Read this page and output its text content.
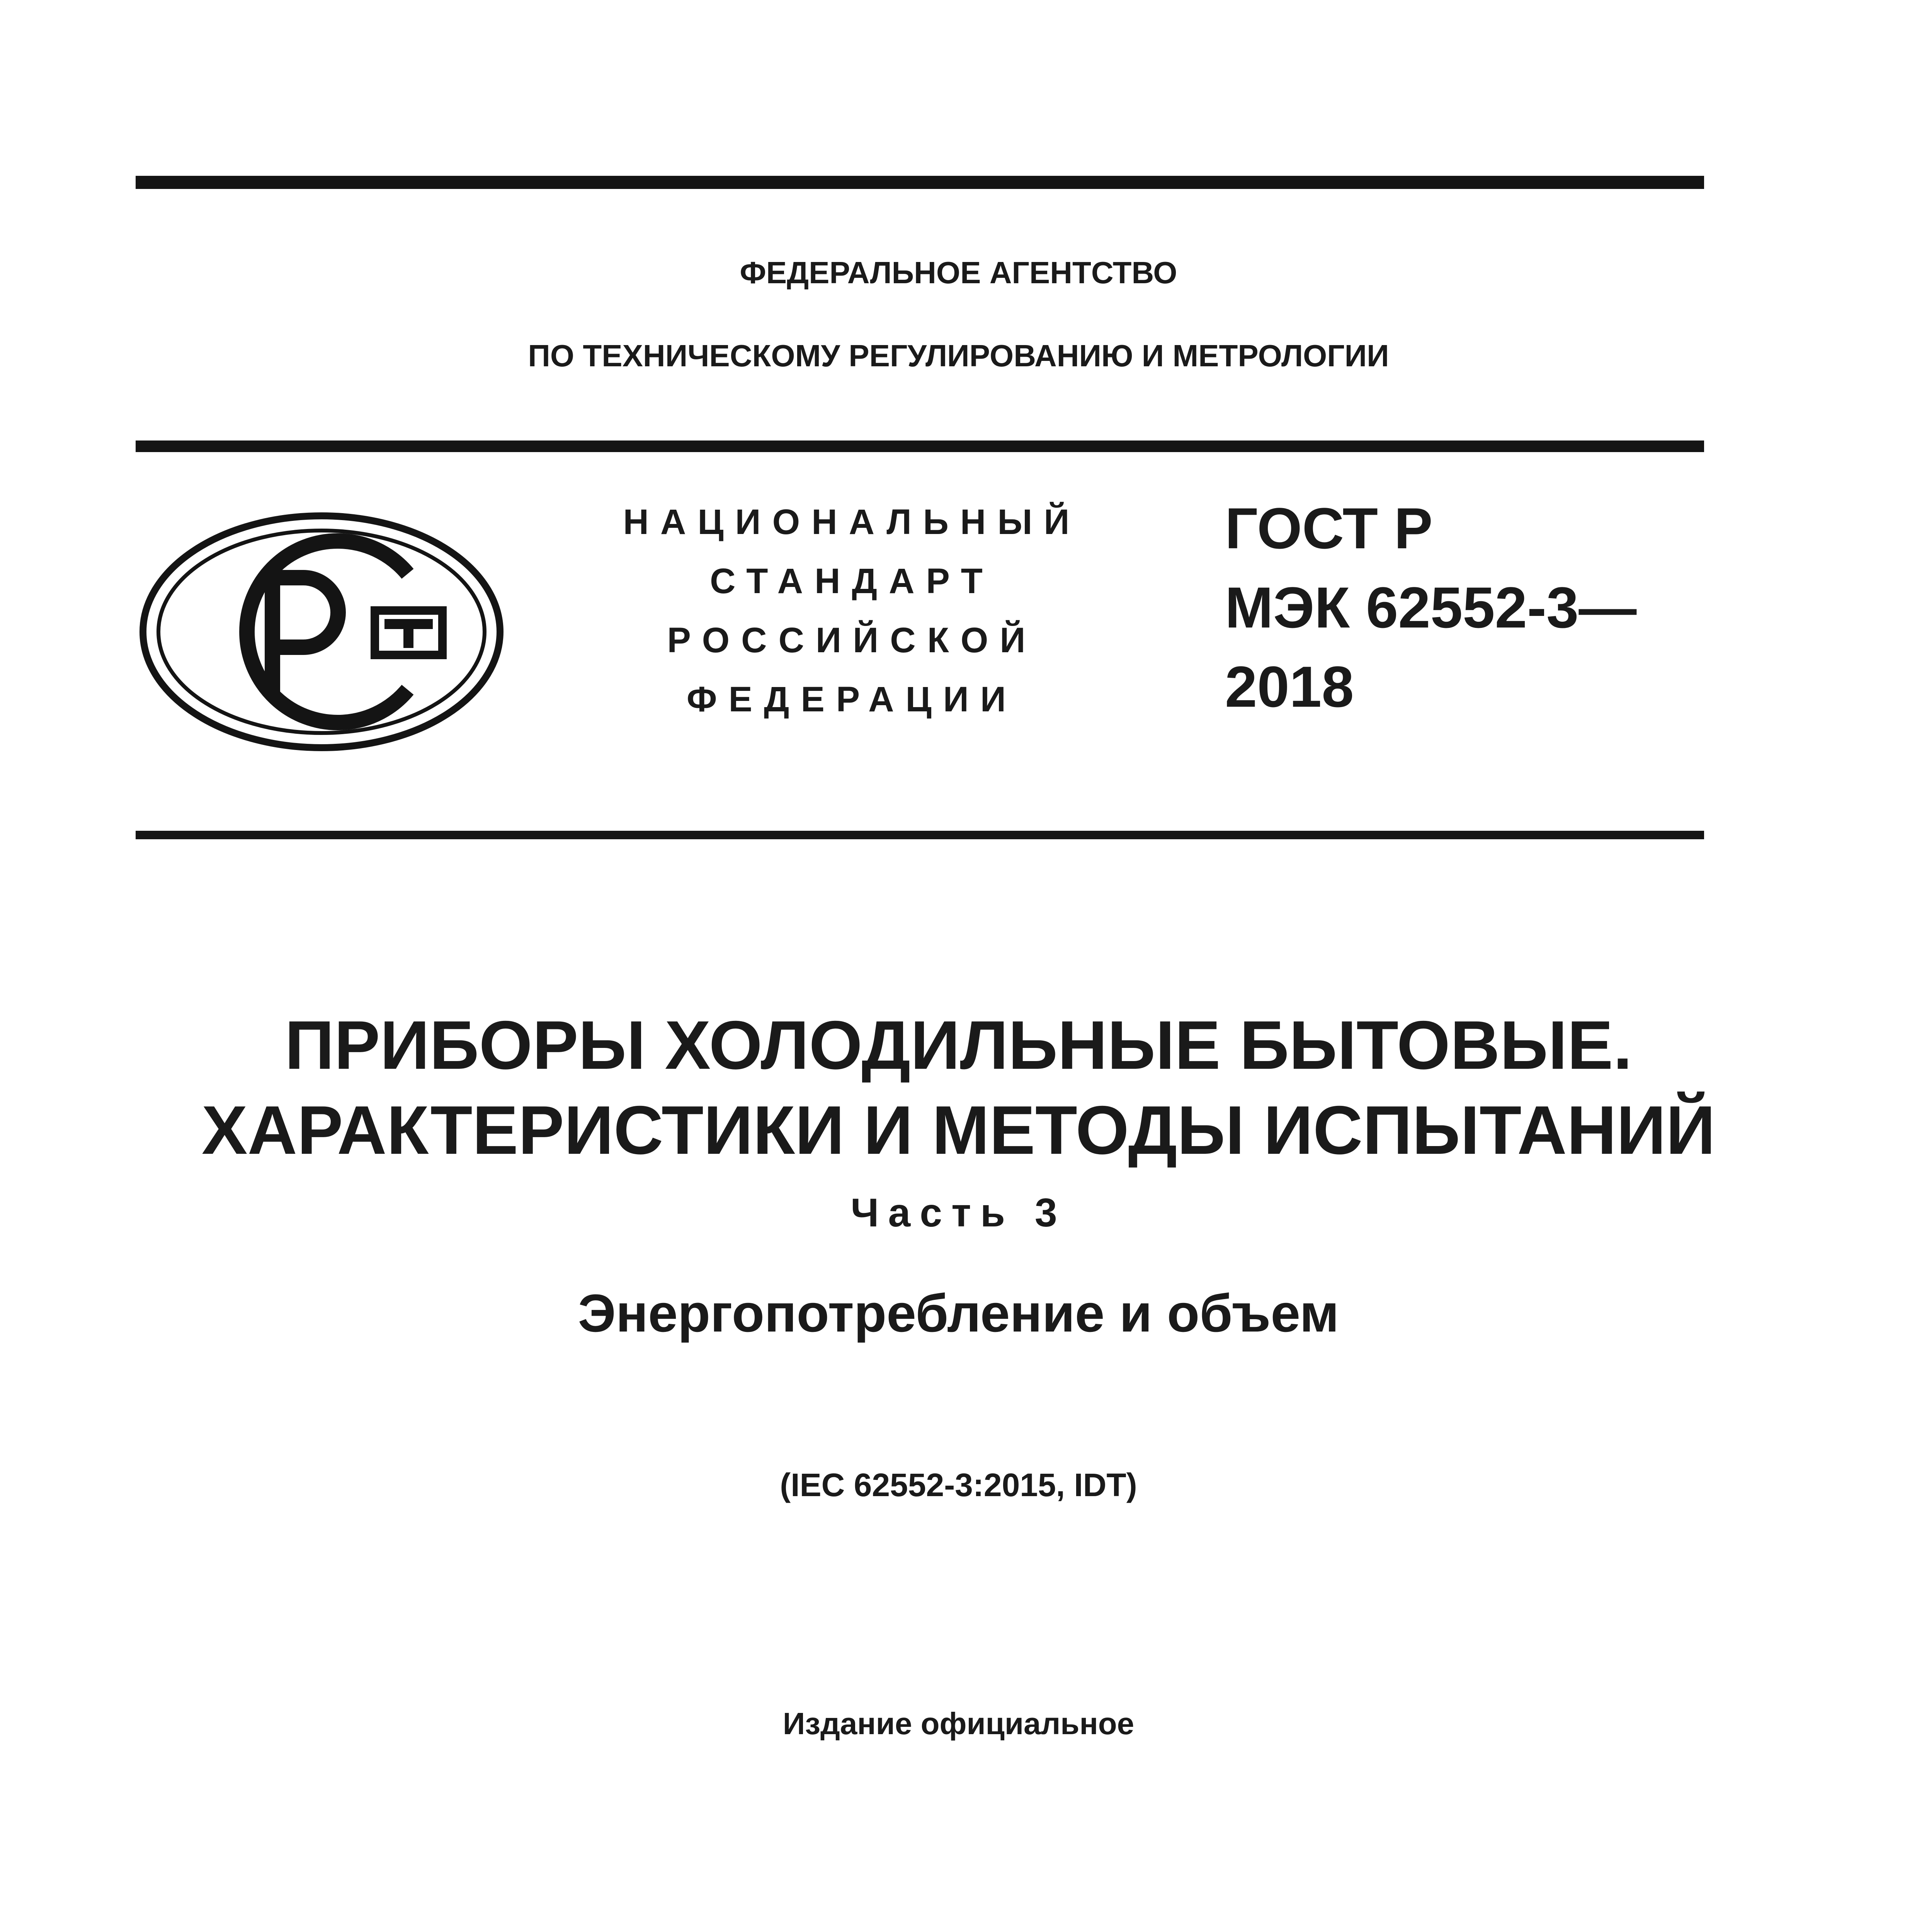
ФЕДЕРАЛЬНОЕ АГЕНТСТВО
ПО ТЕХНИЧЕСКОМУ РЕГУЛИРОВАНИЮ И МЕТРОЛОГИИ
НАЦИОНАЛЬНЫЙ
СТАНДАРТ
РОССИЙСКОЙ
ФЕДЕРАЦИИ
ГОСТ Р
МЭК 62552-3—
2018
ПРИБОРЫ ХОЛОДИЛЬНЫЕ БЫТОВЫЕ.
ХАРАКТЕРИСТИКИ И МЕТОДЫ ИСПЫТАНИЙ
Часть 3
Энергопотребление и объем
(IEC 62552-3:2015, IDT)
Издание официальное
